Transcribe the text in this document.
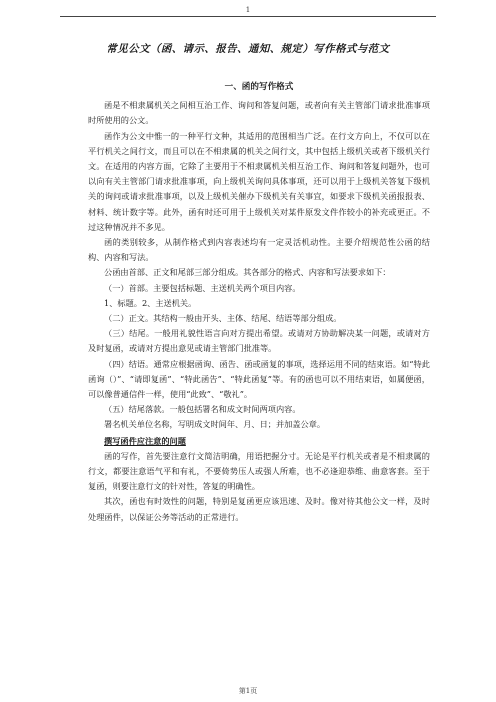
1
常见公文（函、请示、报告、通知、规定）写作格式与范文
一、函的写作格式

函是不相隶属机关之间相互治工作、询问和答复问题，或者向有关主管部门请求批准事项时所使用的公文。

函作为公文中惟一的一种平行文种，其适用的范围相当广泛。在行文方向上，不仅可以在平行机关之间行文，而且可以在不相隶属的机关之间行文，其中包括上级机关或者下级机关行文。在适用的内容方面，它除了主要用于不相隶属机关相互治工作、询问和答复问题外，也可以向有关主管部门请求批准事项，向上级机关询问具体事项，还可以用于上级机关答复下级机关的询问或请求批准事项，以及上级机关催办下级机关有关事宜，如要求下级机关函报报表、材料、统计数字等。此外，函有时还可用于上级机关对某件原发文件作较小的补充或更正。不过这种情况并不多见。

函的类别较多，从制作格式到内容表述均有一定灵活机动性。主要介绍规范性公函的结构、内容和写法。

公函由首部、正文和尾部三部分组成。其各部分的格式、内容和写法要求如下：

（一）首部。主要包括标题、主送机关两个项目内容。

1、标题。2、主送机关。

（二）正文。其结构一般由开头、主体、结尾、结语等部分组成。

（三）结尾。一般用礼貌性语言向对方提出希望。或请对方协助解决某一问题，或请对方及时复函，或请对方提出意见或请主管部门批准等。

（四）结语。通常应根据函询、函告、函或函复的事项，选择运用不同的结束语。如“特此函询（）”、“请即复函”、“特此函告”、“特此函复”等。有的函也可以不用结束语，如属便函，可以像普通信件一样，使用“此致”、“敬礼”。

（五）结尾落款。一般包括署名和成文时间两项内容。

署名机关单位名称，写明成文时间年、月、日；并加盖公章。

撰写函件应注意的问题

函的写作，首先要注意行文简洁明确，用语把握分寸。无论是平行机关或者是不相隶属的行文，都要注意语气平和有礼，不要倚势压人或强人所难，也不必逢迎恭维、曲意客套。至于复函，则要注意行文的针对性，答复的明确性。

其次，函也有时效性的问题，特别是复函更应该迅速、及时。像对待其他公文一样，及时处理函件，以保证公务等活动的正常进行。

第1页
